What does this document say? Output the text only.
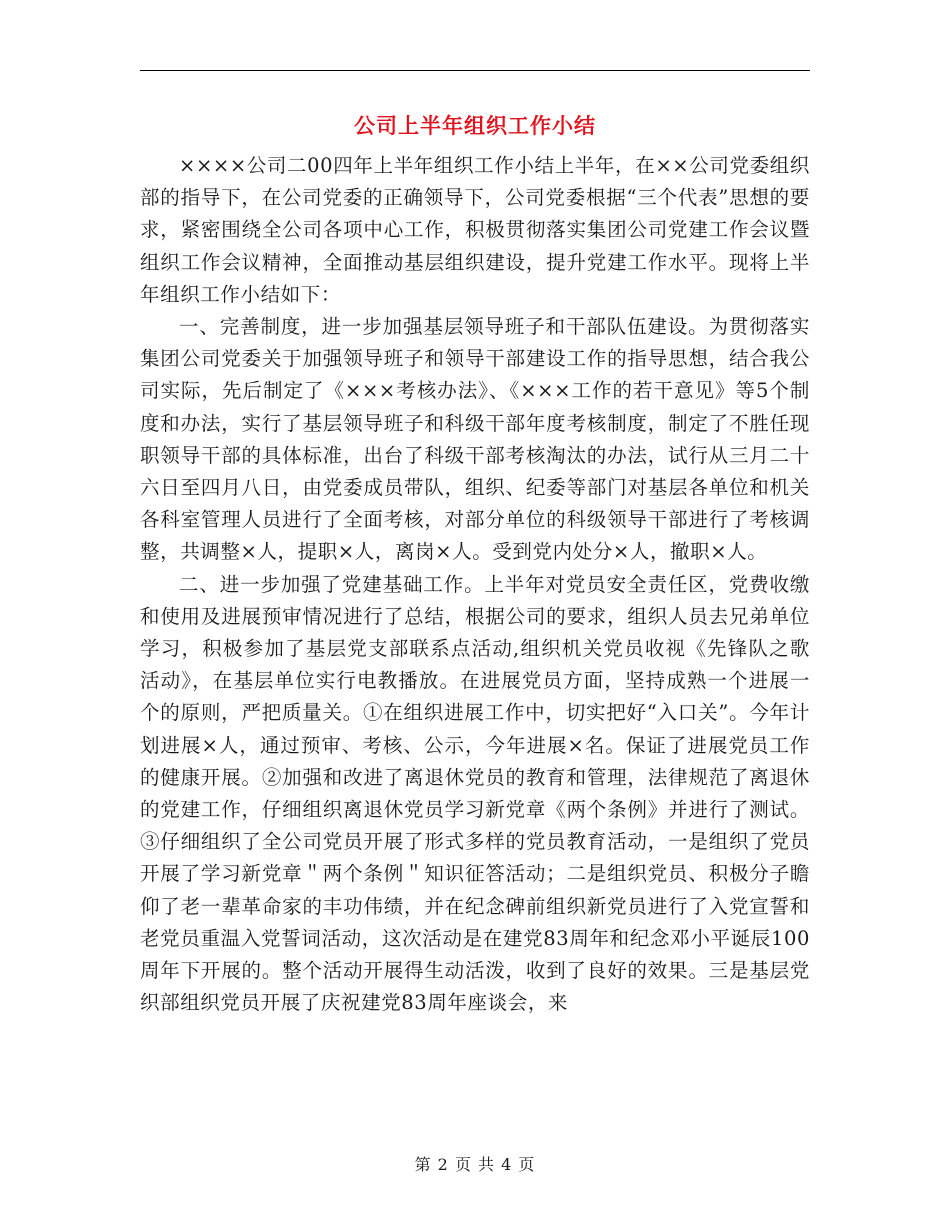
公司上半年组织工作小结

××××公司二00四年上半年组织工作小结上半年，在××公司党委组织部的指导下，在公司党委的正确领导下，公司党委根据“三个代表”思想的要求，紧密围绕全公司各项中心工作，积极贯彻落实集团公司党建工作会议暨组织工作会议精神，全面推动基层组织建设，提升党建工作水平。现将上半年组织工作小结如下：

一、完善制度，进一步加强基层领导班子和干部队伍建设。为贯彻落实集团公司党委关于加强领导班子和领导干部建设工作的指导思想，结合我公司实际，先后制定了《×××考核办法》、《×××工作的若干意见》等5个制度和办法，实行了基层领导班子和科级干部年度考核制度，制定了不胜任现职领导干部的具体标准，出台了科级干部考核淘汰的办法，试行从三月二十六日至四月八日，由党委成员带队，组织、纪委等部门对基层各单位和机关各科室管理人员进行了全面考核，对部分单位的科级领导干部进行了考核调整，共调整×人，提职×人，离岗×人。受到党内处分×人，撤职×人。

二、进一步加强了党建基础工作。上半年对党员安全责任区，党费收缴和使用及进展预审情况进行了总结，根据公司的要求，组织人员去兄弟单位学习，积极参加了基层党支部联系点活动,组织机关党员收视《先锋队之歌活动》，在基层单位实行电教播放。在进展党员方面，坚持成熟一个进展一个的原则，严把质量关。①在组织进展工作中，切实把好“入口关”。今年计划进展×人，通过预审、考核、公示，今年进展×名。保证了进展党员工作的健康开展。②加强和改进了离退休党员的教育和管理，法律规范了离退休的党建工作，仔细组织离退休党员学习新党章《两个条例》并进行了测试。③仔细组织了全公司党员开展了形式多样的党员教育活动，一是组织了党员开展了学习新党章＂两个条例＂知识征答活动；二是组织党员、积极分子瞻仰了老一辈革命家的丰功伟绩，并在纪念碑前组织新党员进行了入党宣誓和老党员重温入党誓词活动，这次活动是在建党83周年和纪念邓小平诞辰100周年下开展的。整个活动开展得生动活泼，收到了良好的效果。三是基层党织部组织党员开展了庆祝建党83周年座谈会，来

第 2 页 共 4 页
